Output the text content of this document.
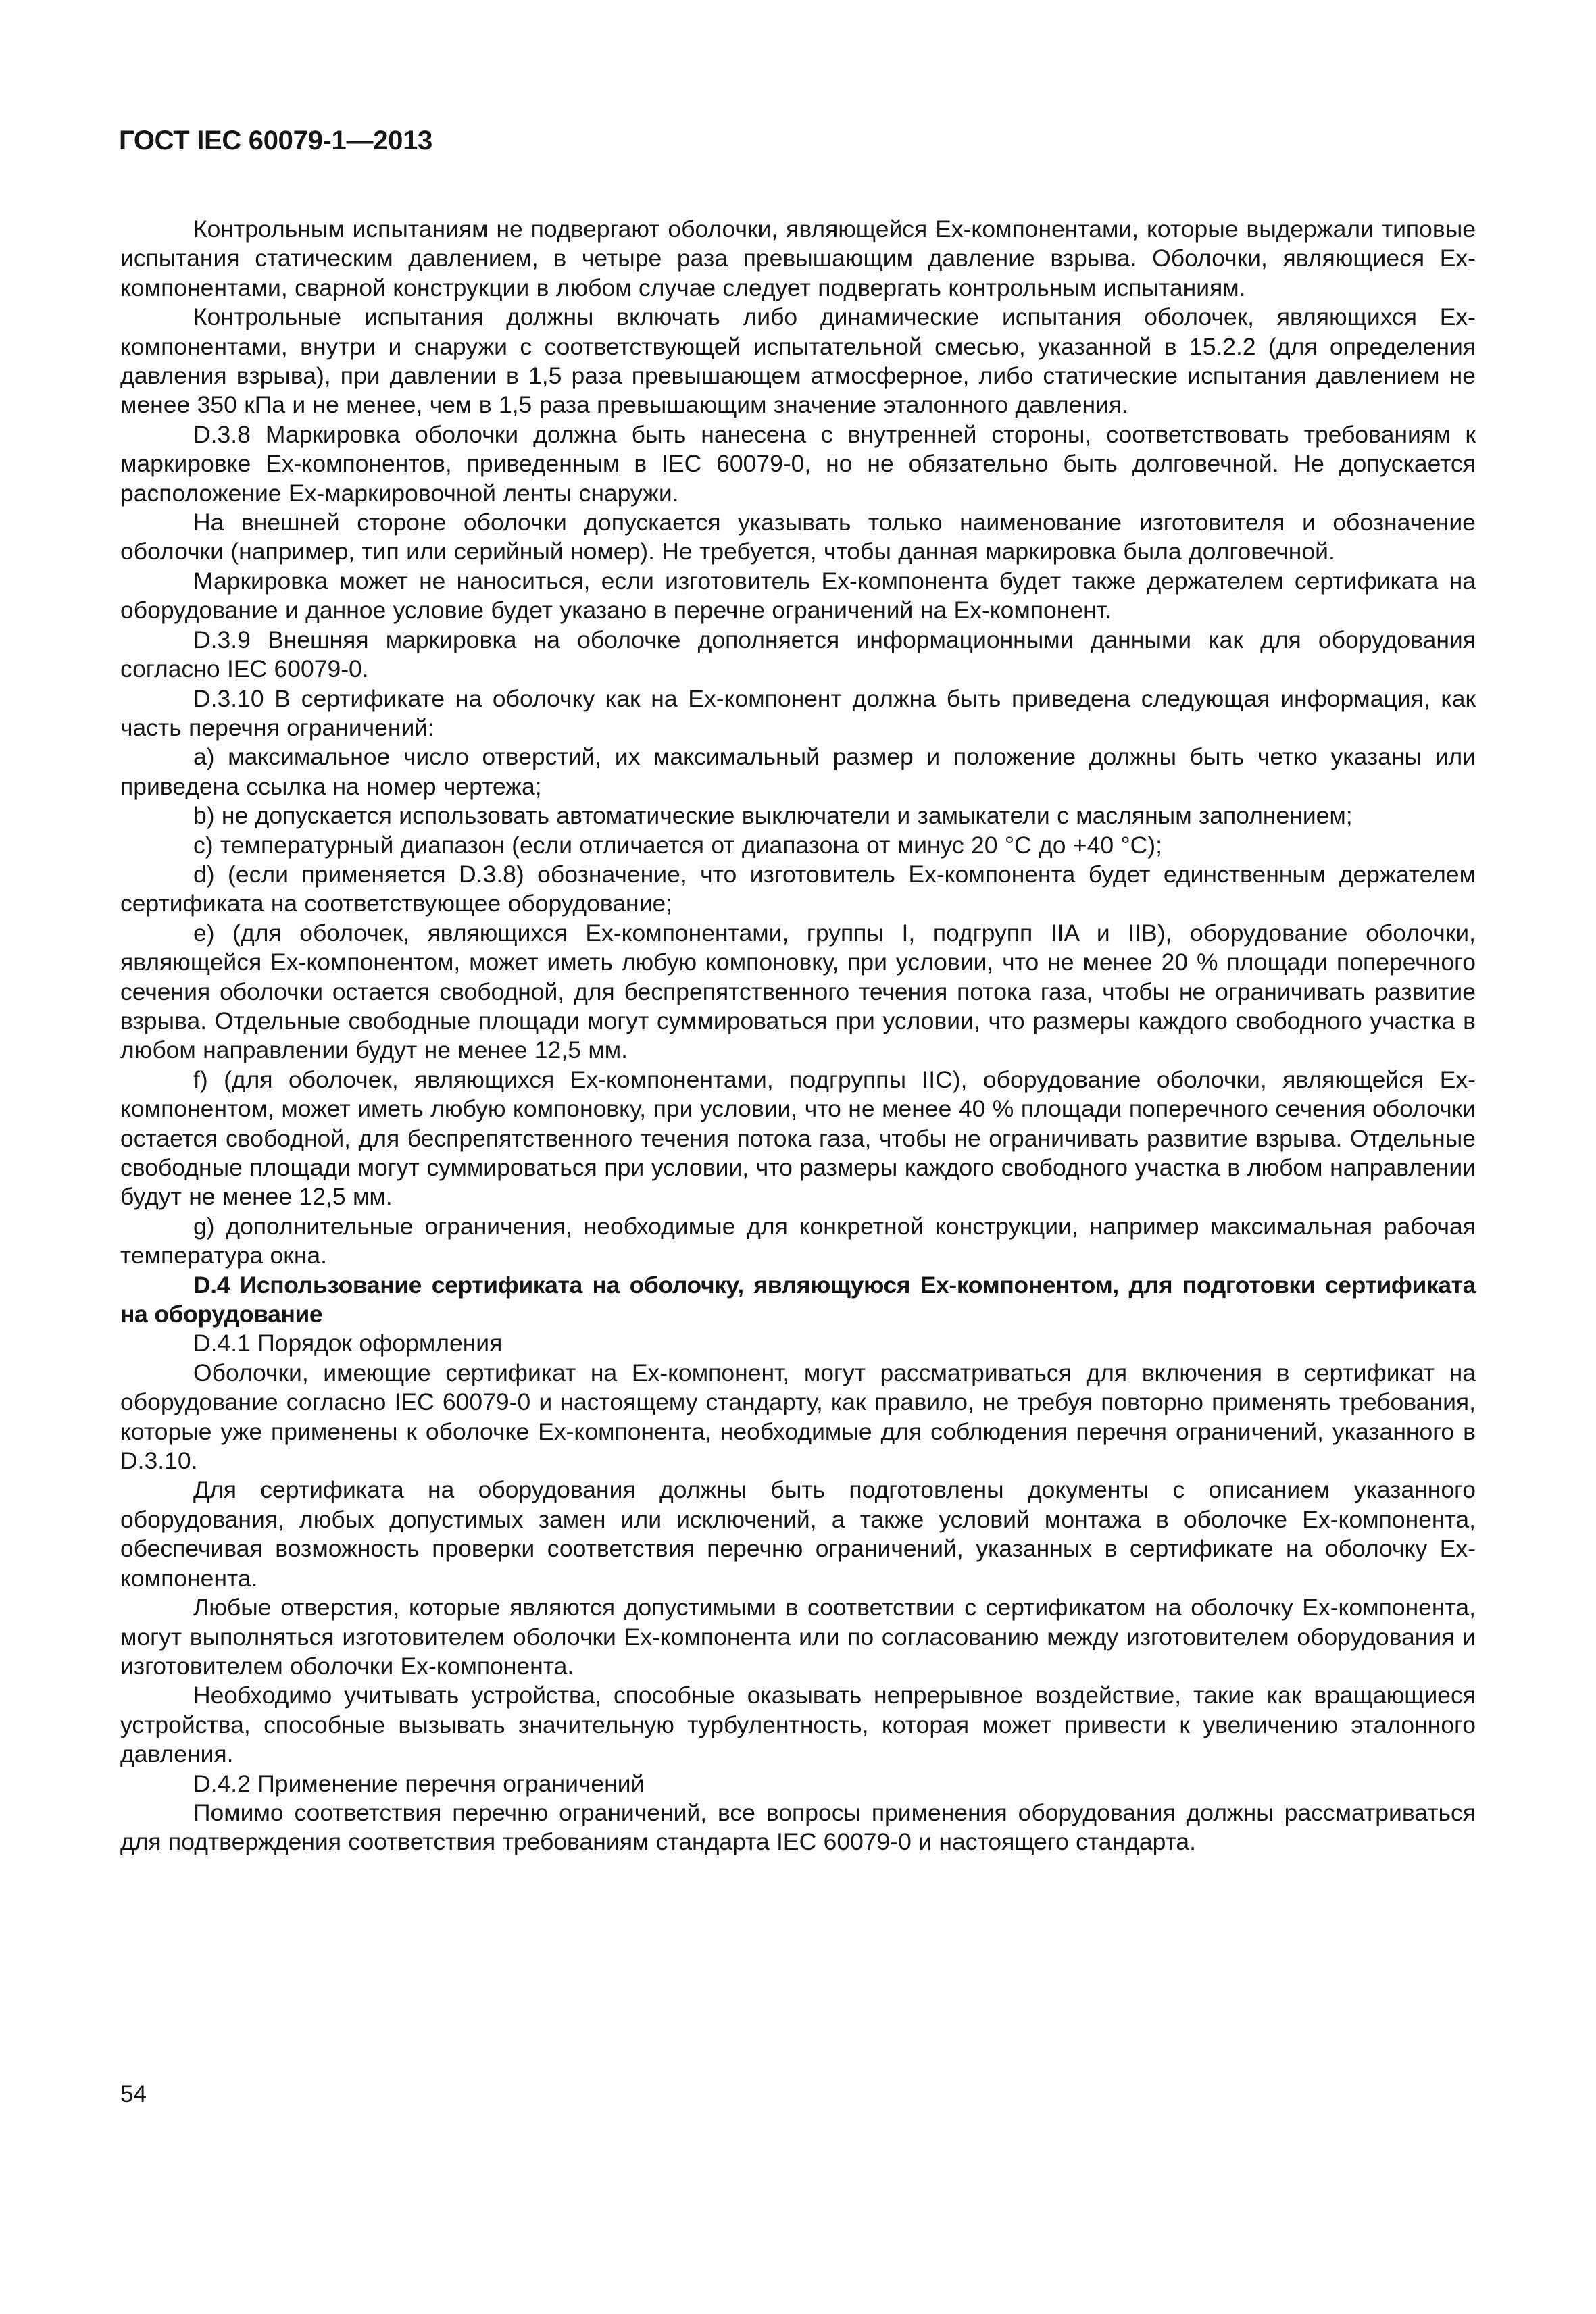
ГОСТ IEC 60079-1—2013

Контрольным испытаниям не подвергают оболочки, являющейся Ex-компонентами, которые выдержали типовые испытания статическим давлением, в четыре раза превышающим давление взрыва. Оболочки, являющиеся Ex-компонентами, сварной конструкции в любом случае следует подвергать контрольным испытаниям.

Контрольные испытания должны включать либо динамические испытания оболочек, являющихся Ex-компонентами, внутри и снаружи с соответствующей испытательной смесью, указанной в 15.2.2 (для определения давления взрыва), при давлении в 1,5 раза превышающем атмосферное, либо статические испытания давлением не менее 350 кПа и не менее, чем в 1,5 раза превышающим значение эталонного давления.

D.3.8 Маркировка оболочки должна быть нанесена с внутренней стороны, соответствовать требованиям к маркировке Ex-компонентов, приведенным в IEC 60079-0, но не обязательно быть долговечной. Не допускается расположение Ex-маркировочной ленты снаружи.

На внешней стороне оболочки допускается указывать только наименование изготовителя и обозначение оболочки (например, тип или серийный номер). Не требуется, чтобы данная маркировка была долговечной.

Маркировка может не наноситься, если изготовитель Ex-компонента будет также держателем сертификата на оборудование и данное условие будет указано в перечне ограничений на Ex-компонент.

D.3.9 Внешняя маркировка на оболочке дополняется информационными данными как для оборудования согласно IEC 60079-0.

D.3.10 В сертификате на оболочку как на Ex-компонент должна быть приведена следующая информация, как часть перечня ограничений:

a) максимальное число отверстий, их максимальный размер и положение должны быть четко указаны или приведена ссылка на номер чертежа;

b) не допускается использовать автоматические выключатели и замыкатели с масляным заполнением;

c) температурный диапазон (если отличается от диапазона от минус 20 °С до +40 °С);

d) (если применяется D.3.8) обозначение, что изготовитель Ex-компонента будет единственным держателем сертификата на соответствующее оборудование;

e) (для оболочек, являющихся Ex-компонентами, группы I, подгрупп IIA и IIB), оборудование оболочки, являющейся Ex-компонентом, может иметь любую компоновку, при условии, что не менее 20 % площади поперечного сечения оболочки остается свободной, для беспрепятственного течения потока газа, чтобы не ограничивать развитие взрыва. Отдельные свободные площади могут суммироваться при условии, что размеры каждого свободного участка в любом направлении будут не менее 12,5 мм.

f) (для оболочек, являющихся Ex-компонентами, подгруппы IIC), оборудование оболочки, являющейся Ex-компонентом, может иметь любую компоновку, при условии, что не менее 40 % площади поперечного сечения оболочки остается свободной, для беспрепятственного течения потока газа, чтобы не ограничивать развитие взрыва. Отдельные свободные площади могут суммироваться при условии, что размеры каждого свободного участка в любом направлении будут не менее 12,5 мм.

g) дополнительные ограничения, необходимые для конкретной конструкции, например максимальная рабочая температура окна.

D.4 Использование сертификата на оболочку, являющуюся Ex-компонентом, для подготовки сертификата на оборудование

D.4.1 Порядок оформления

Оболочки, имеющие сертификат на Ex-компонент, могут рассматриваться для включения в сертификат на оборудование согласно IEC 60079-0 и настоящему стандарту, как правило, не требуя повторно применять требования, которые уже применены к оболочке Ex-компонента, необходимые для соблюдения перечня ограничений, указанного в D.3.10.

Для сертификата на оборудования должны быть подготовлены документы с описанием указанного оборудования, любых допустимых замен или исключений, а также условий монтажа в оболочке Ex-компонента, обеспечивая возможность проверки соответствия перечню ограничений, указанных в сертификате на оболочку Ex-компонента.

Любые отверстия, которые являются допустимыми в соответствии с сертификатом на оболочку Ex-компонента, могут выполняться изготовителем оболочки Ex-компонента или по согласованию между изготовителем оборудования и изготовителем оболочки Ex-компонента.

Необходимо учитывать устройства, способные оказывать непрерывное воздействие, такие как вращающиеся устройства, способные вызывать значительную турбулентность, которая может привести к увеличению эталонного давления.

D.4.2 Применение перечня ограничений

Помимо соответствия перечню ограничений, все вопросы применения оборудования должны рассматриваться для подтверждения соответствия требованиям стандарта IEC 60079-0 и настоящего стандарта.

54
